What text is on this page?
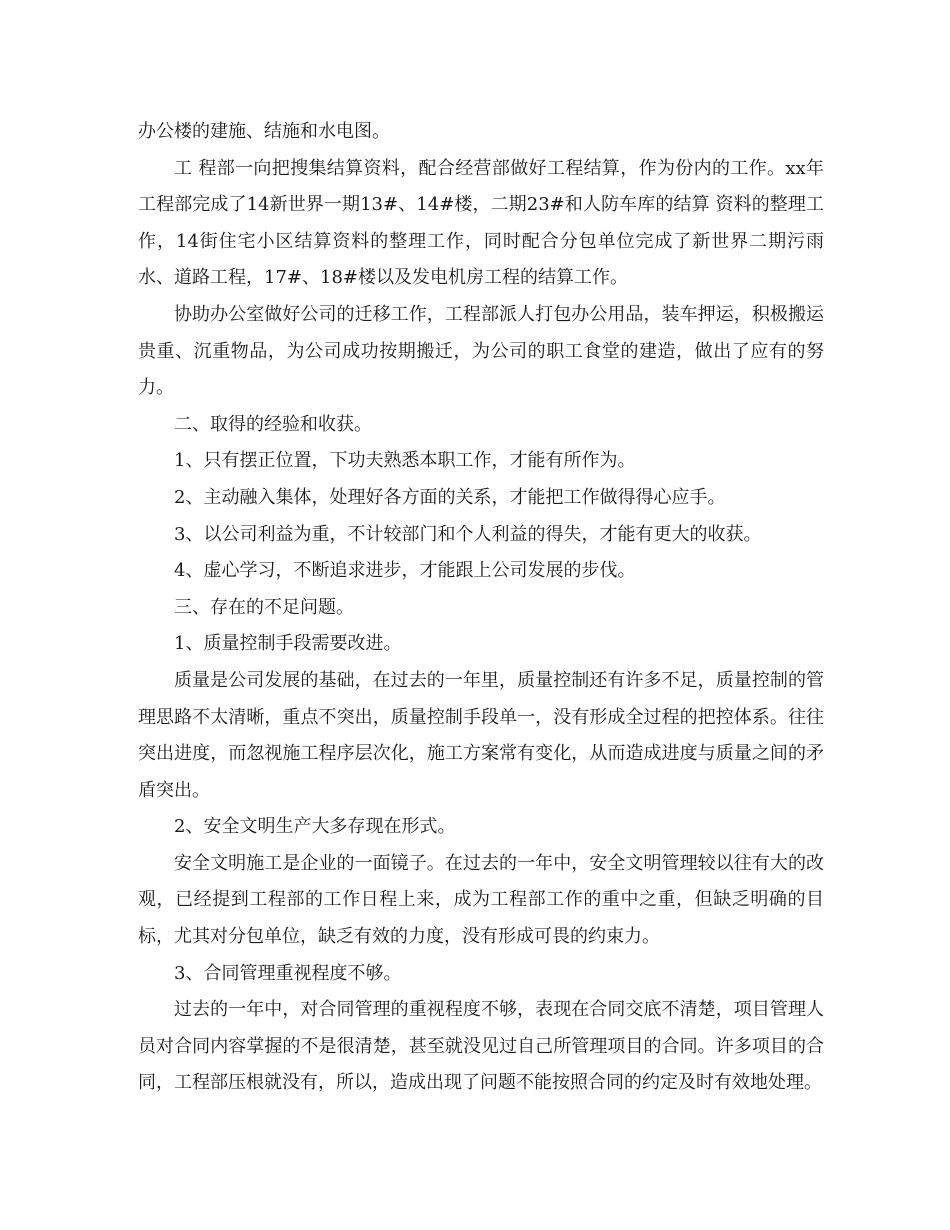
办公楼的建施、结施和水电图。

工 程部一向把搜集结算资料，配合经营部做好工程结算，作为份内的工作。xx年工程部完成了14新世界一期13#、14#楼，二期23#和人防车库的结算 资料的整理工作，14街住宅小区结算资料的整理工作，同时配合分包单位完成了新世界二期污雨水、道路工程，17#、18#楼以及发电机房工程的结算工作。

协助办公室做好公司的迁移工作，工程部派人打包办公用品，装车押运，积极搬运贵重、沉重物品，为公司成功按期搬迁，为公司的职工食堂的建造，做出了应有的努力。

二、取得的经验和收获。

1、只有摆正位置，下功夫熟悉本职工作，才能有所作为。

2、主动融入集体，处理好各方面的关系，才能把工作做得得心应手。

3、以公司利益为重，不计较部门和个人利益的得失，才能有更大的收获。

4、虚心学习，不断追求进步，才能跟上公司发展的步伐。

三、存在的不足问题。

1、质量控制手段需要改进。

质量是公司发展的基础，在过去的一年里，质量控制还有许多不足，质量控制的管理思路不太清晰，重点不突出，质量控制手段单一，没有形成全过程的把控体系。往往突出进度，而忽视施工程序层次化，施工方案常有变化，从而造成进度与质量之间的矛盾突出。

2、安全文明生产大多存现在形式。

安全文明施工是企业的一面镜子。在过去的一年中，安全文明管理较以往有大的改观，已经提到工程部的工作日程上来，成为工程部工作的重中之重，但缺乏明确的目标，尤其对分包单位，缺乏有效的力度，没有形成可畏的约束力。

3、合同管理重视程度不够。

过去的一年中，对合同管理的重视程度不够，表现在合同交底不清楚，项目管理人员对合同内容掌握的不是很清楚，甚至就没见过自己所管理项目的合同。许多项目的合同，工程部压根就没有，所以，造成出现了问题不能按照合同的约定及时有效地处理。
